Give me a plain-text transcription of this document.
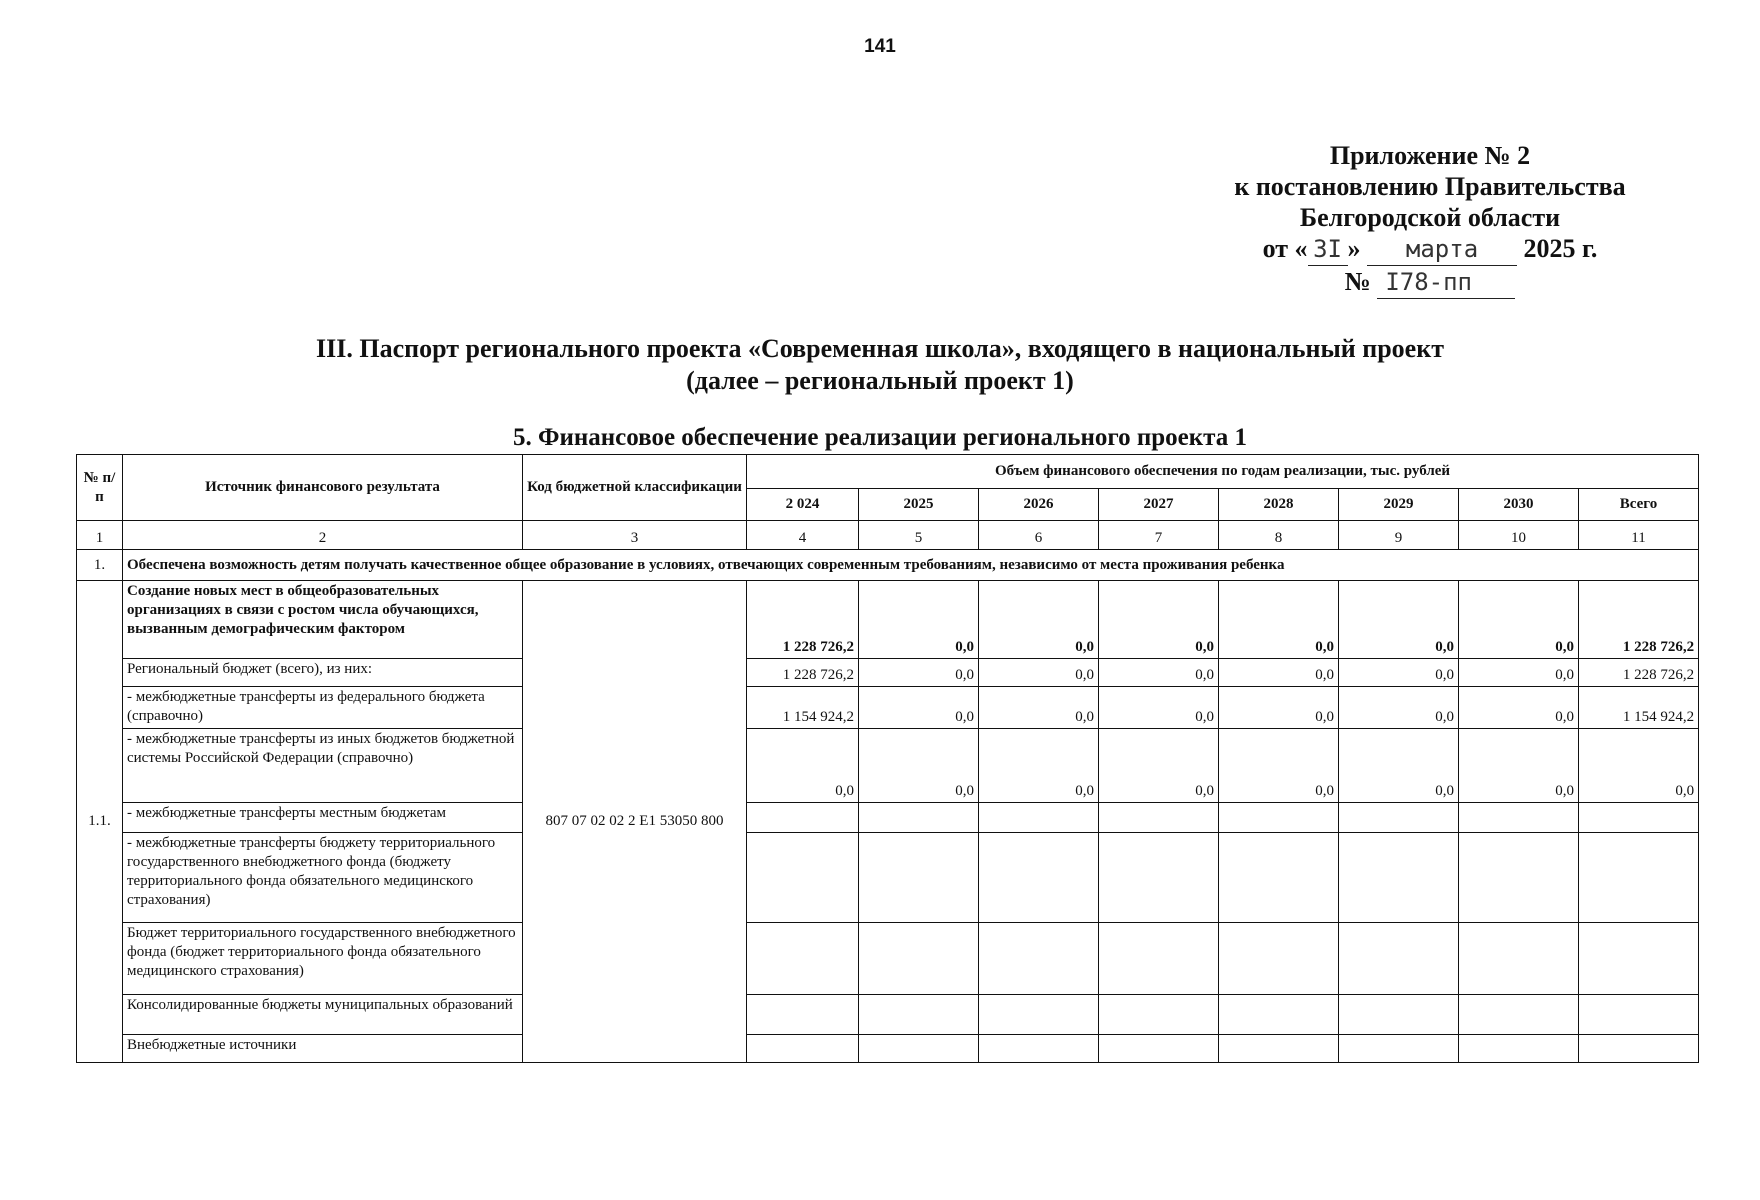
141
Приложение № 2
к постановлению Правительства
Белгородской области
от « 3I » марта 2025 г.
№ I78-пп
III. Паспорт регионального проекта «Современная школа», входящего в национальный проект
(далее – региональный проект 1)
5. Финансовое обеспечение реализации регионального проекта 1
№ п/п	Источник финансового результата	Код бюджетной классификации	Объем финансового обеспечения по годам реализации, тыс. рублей							
			2 024	2025	2026	2027	2028	2029	2030	Всего
1	2	3	4	5	6	7	8	9	10	11
1.	Обеспечена возможность детям получать качественное общее образование в условиях, отвечающих современным требованиям, независимо от места проживания ребенка									
1.1.	Создание новых мест в общеобразовательных организациях в связи с ростом числа обучающихся, вызванным демографическим фактором	807 07 02 02 2 E1 53050 800	1 228 726,2	0,0	0,0	0,0	0,0	0,0	0,0	1 228 726,2
	Региональный бюджет (всего), из них:		1 228 726,2	0,0	0,0	0,0	0,0	0,0	0,0	1 228 726,2
	- межбюджетные трансферты из федерального бюджета (справочно)		1 154 924,2	0,0	0,0	0,0	0,0	0,0	0,0	1 154 924,2
	- межбюджетные трансферты из иных бюджетов бюджетной системы Российской Федерации (справочно)		0,0	0,0	0,0	0,0	0,0	0,0	0,0	0,0
	- межбюджетные трансферты местным бюджетам									
	- межбюджетные трансферты бюджету территориального государственного внебюджетного фонда (бюджету территориального фонда обязательного медицинского страхования)									
	Бюджет территориального государственного внебюджетного фонда (бюджет территориального фонда обязательного медицинского страхования)									
	Консолидированные бюджеты муниципальных образований									
	Внебюджетные источники									
